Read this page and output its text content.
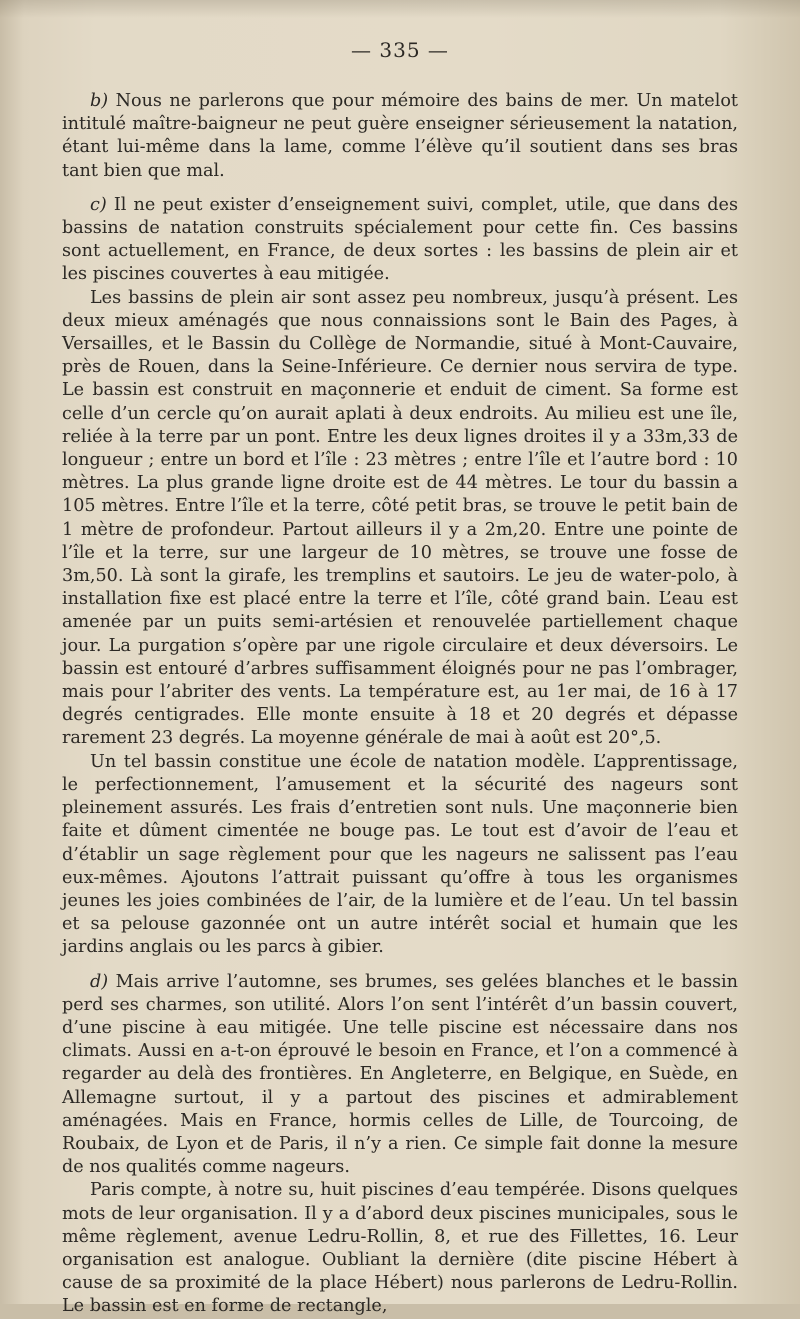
— 335 —

b) Nous ne parlerons que pour mémoire des bains de mer. Un matelot intitulé maître-baigneur ne peut guère enseigner sérieusement la natation, étant lui-même dans la lame, comme l’élève qu’il soutient dans ses bras tant bien que mal.

c) Il ne peut exister d’enseignement suivi, complet, utile, que dans des bassins de natation construits spécialement pour cette fin. Ces bassins sont actuellement, en France, de deux sortes : les bassins de plein air et les piscines couvertes à eau mitigée.

Les bassins de plein air sont assez peu nombreux, jusqu’à présent. Les deux mieux aménagés que nous connaissions sont le Bain des Pages, à Versailles, et le Bassin du Collège de Normandie, situé à Mont-Cauvaire, près de Rouen, dans la Seine-Inférieure. Ce dernier nous servira de type. Le bassin est construit en maçonnerie et enduit de ciment. Sa forme est celle d’un cercle qu’on aurait aplati à deux endroits. Au milieu est une île, reliée à la terre par un pont. Entre les deux lignes droites il y a 33m,33 de longueur ; entre un bord et l’île : 23 mètres ; entre l’île et l’autre bord : 10 mètres. La plus grande ligne droite est de 44 mètres. Le tour du bassin a 105 mètres. Entre l’île et la terre, côté petit bras, se trouve le petit bain de 1 mètre de profondeur. Partout ailleurs il y a 2m,20. Entre une pointe de l’île et la terre, sur une largeur de 10 mètres, se trouve une fosse de 3m,50. Là sont la girafe, les tremplins et sautoirs. Le jeu de water-polo, à installation fixe est placé entre la terre et l’île, côté grand bain. L’eau est amenée par un puits semi-artésien et renouvelée partiellement chaque jour. La purgation s’opère par une rigole circulaire et deux déversoirs. Le bassin est entouré d’arbres suffisamment éloignés pour ne pas l’ombrager, mais pour l’abriter des vents. La température est, au 1er mai, de 16 à 17 degrés centigrades. Elle monte ensuite à 18 et 20 degrés et dépasse rarement 23 degrés. La moyenne générale de mai à août est 20°,5.

Un tel bassin constitue une école de natation modèle. L’apprentissage, le perfectionnement, l’amusement et la sécurité des nageurs sont pleinement assurés. Les frais d’entretien sont nuls. Une maçonnerie bien faite et dûment cimentée ne bouge pas. Le tout est d’avoir de l’eau et d’établir un sage règlement pour que les nageurs ne salissent pas l’eau eux-mêmes. Ajoutons l’attrait puissant qu’offre à tous les organismes jeunes les joies combinées de l’air, de la lumière et de l’eau. Un tel bassin et sa pelouse gazonnée ont un autre intérêt social et humain que les jardins anglais ou les parcs à gibier.

d) Mais arrive l’automne, ses brumes, ses gelées blanches et le bassin perd ses charmes, son utilité. Alors l’on sent l’intérêt d’un bassin couvert, d’une piscine à eau mitigée. Une telle piscine est nécessaire dans nos climats. Aussi en a-t-on éprouvé le besoin en France, et l’on a commencé à regarder au delà des frontières. En Angleterre, en Belgique, en Suède, en Allemagne surtout, il y a partout des piscines et admirablement aménagées. Mais en France, hormis celles de Lille, de Tourcoing, de Roubaix, de Lyon et de Paris, il n’y a rien. Ce simple fait donne la mesure de nos qualités comme nageurs.

Paris compte, à notre su, huit piscines d’eau tempérée. Disons quelques mots de leur organisation. Il y a d’abord deux piscines municipales, sous le même règlement, avenue Ledru-Rollin, 8, et rue des Fillettes, 16. Leur organisation est analogue. Oubliant la dernière (dite piscine Hébert à cause de sa proximité de la place Hébert) nous parlerons de Ledru-Rollin. Le bassin est en forme de rectangle,
